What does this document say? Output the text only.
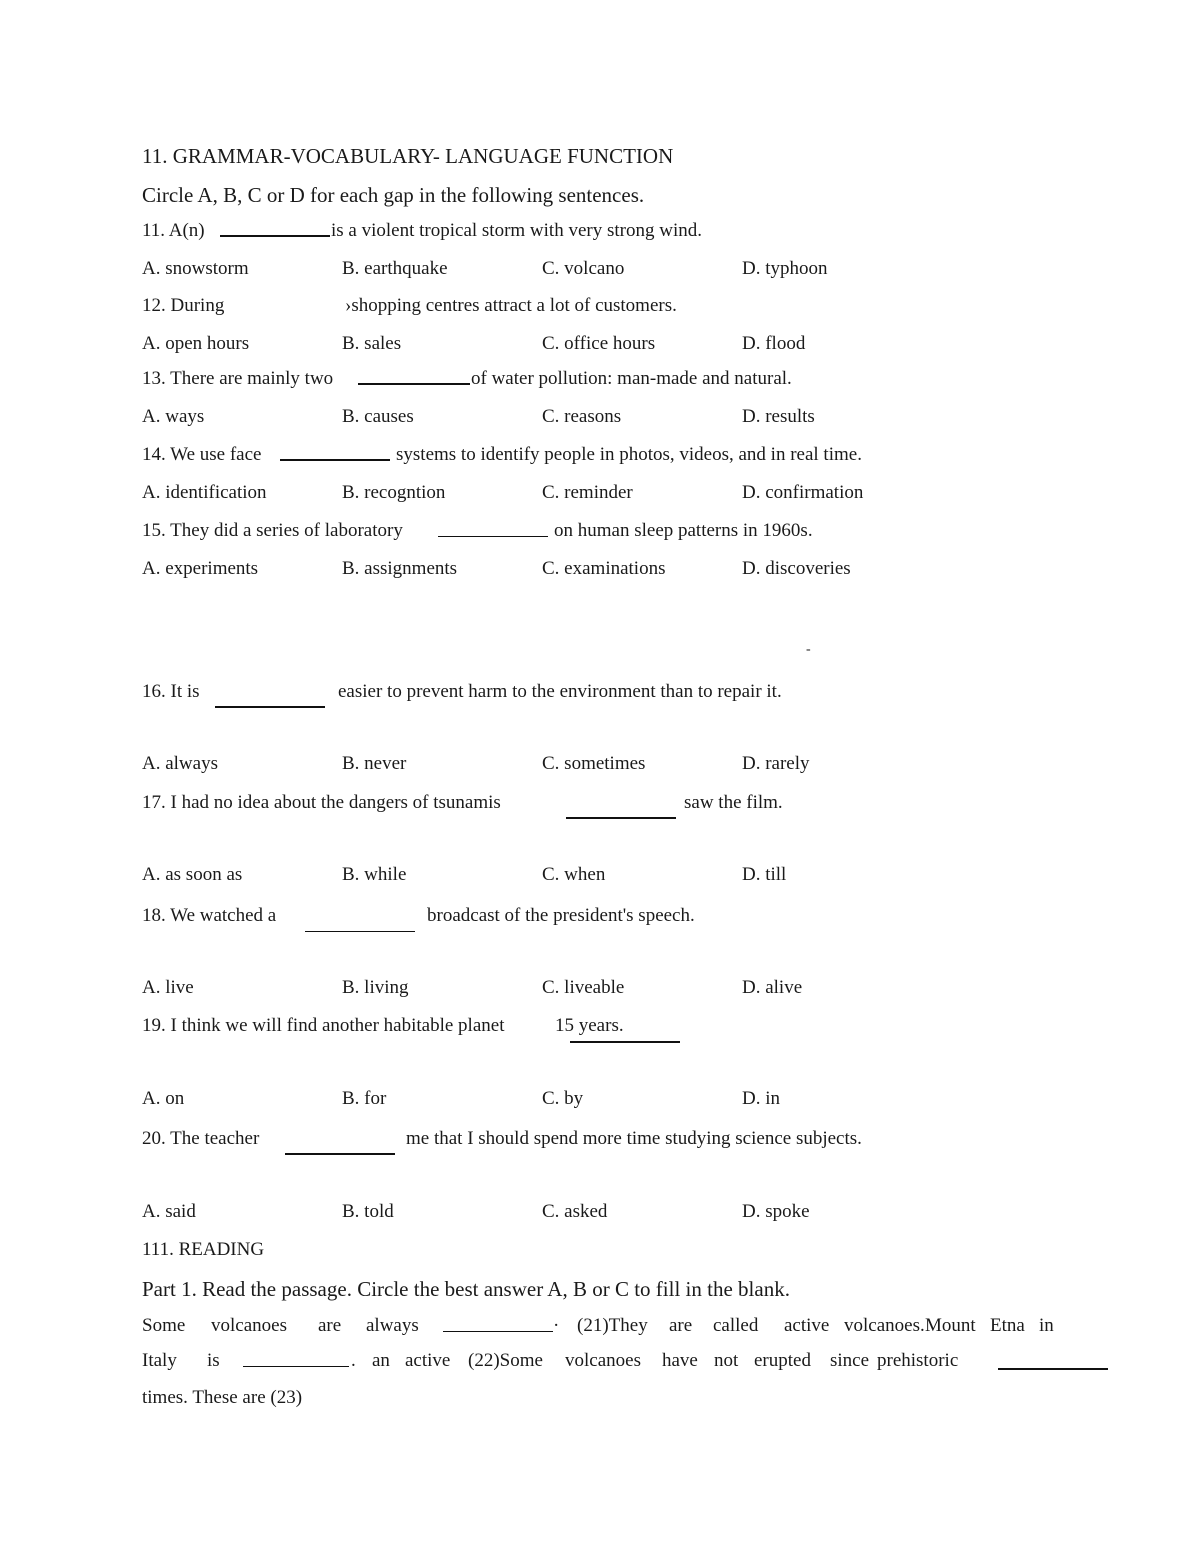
11. GRAMMAR-VOCABULARY- LANGUAGE FUNCTION
Circle A, B, C or D for each gap in the following sentences.
11. A(n)	is a violent tropical storm with very strong wind.
A. snowstorm	B. earthquake	C. volcano	D. typhoon
12. During	›shopping centres attract a lot of customers.
A. open hours	B. sales	C. office hours	D. flood
13. There are mainly two	of water pollution: man-made and natural.
A. ways	B. causes	C. reasons	D. results
14. We use face	systems to identify people in photos, videos, and in real time.
A. identification	B. recogntion	C. reminder	D. confirmation
15. They did a series of laboratory	on human sleep patterns in 1960s.
A. experiments	B. assignments	C. examinations	D. discoveries
-
16. It is	easier to prevent harm to the environment than to repair it.
A. always	B. never	C. sometimes	D. rarely
17. I had no idea about the dangers of tsunamis	saw the film.
A. as soon as	B. while	C. when	D. till
18. We watched a	broadcast of the president's speech.
A. live	B. living	C. liveable	D. alive
19. I think we will find another habitable planet	15 years.
A. on	B. for	C. by	D. in
20. The teacher	me that I should spend more time studying science subjects.
A. said	B. told	C. asked	D. spoke
111. READING
Part 1. Read the passage. Circle the best answer A, B or C to fill in the blank.
Some volcanoes are always	· (21)They are called active volcanoes. Mount Etna in
Italy is	. an active (22)Some volcanoes have not erupted since prehistoric
times. These are (23)
